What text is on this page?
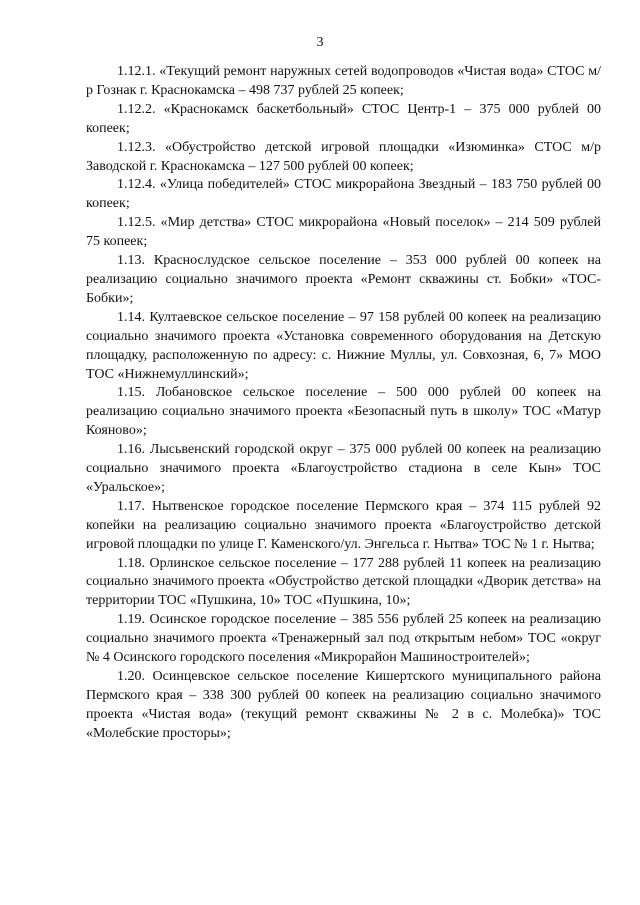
3

1.12.1. «Текущий ремонт наружных сетей водопроводов «Чистая вода» СТОС м/р Гознак г. Краснокамска – 498 737 рублей 25 копеек;

1.12.2. «Краснокамск баскетбольный» СТОС Центр-1 – 375 000 рублей 00 копеек;

1.12.3. «Обустройство детской игровой площадки «Изюминка» СТОС м/р Заводской г. Краснокамска – 127 500 рублей 00 копеек;

1.12.4. «Улица победителей» СТОС микрорайона Звездный – 183 750 рублей 00 копеек;

1.12.5. «Мир детства» СТОС микрорайона «Новый поселок» – 214 509 рублей 75 копеек;

1.13. Краснослудское сельское поселение – 353 000 рублей 00 копеек на реализацию социально значимого проекта «Ремонт скважины ст. Бобки» «ТОС-Бобки»;

1.14. Култаевское сельское поселение – 97 158 рублей 00 копеек на реализацию социально значимого проекта «Установка современного оборудования на Детскую площадку, расположенную по адресу: с. Нижние Муллы, ул. Совхозная, 6, 7» МОО ТОС «Нижнемуллинский»;

1.15. Лобановское сельское поселение – 500 000 рублей 00 копеек на реализацию социально значимого проекта «Безопасный путь в школу» ТОС «Матур Кояново»;

1.16. Лысьвенский городской округ – 375 000 рублей 00 копеек на реализацию социально значимого проекта «Благоустройство стадиона в селе Кын» ТОС «Уральское»;

1.17. Нытвенское городское поселение Пермского края – 374 115 рублей 92 копейки на реализацию социально значимого проекта «Благоустройство детской игровой площадки по улице Г. Каменского/ул. Энгельса г. Нытва» ТОС № 1 г. Нытва;

1.18. Орлинское сельское поселение – 177 288 рублей 11 копеек на реализацию социально значимого проекта «Обустройство детской площадки «Дворик детства» на территории ТОС «Пушкина, 10» ТОС «Пушкина, 10»;

1.19. Осинское городское поселение – 385 556 рублей 25 копеек на реализацию социально значимого проекта «Тренажерный зал под открытым небом» ТОС «округ № 4 Осинского городского поселения «Микрорайон Машиностроителей»;

1.20. Осинцевское сельское поселение Кишертского муниципального района Пермского края – 338 300 рублей 00 копеек на реализацию социально значимого проекта «Чистая вода» (текущий ремонт скважины № 2 в с. Молебка)» ТОС «Молебские просторы»;
